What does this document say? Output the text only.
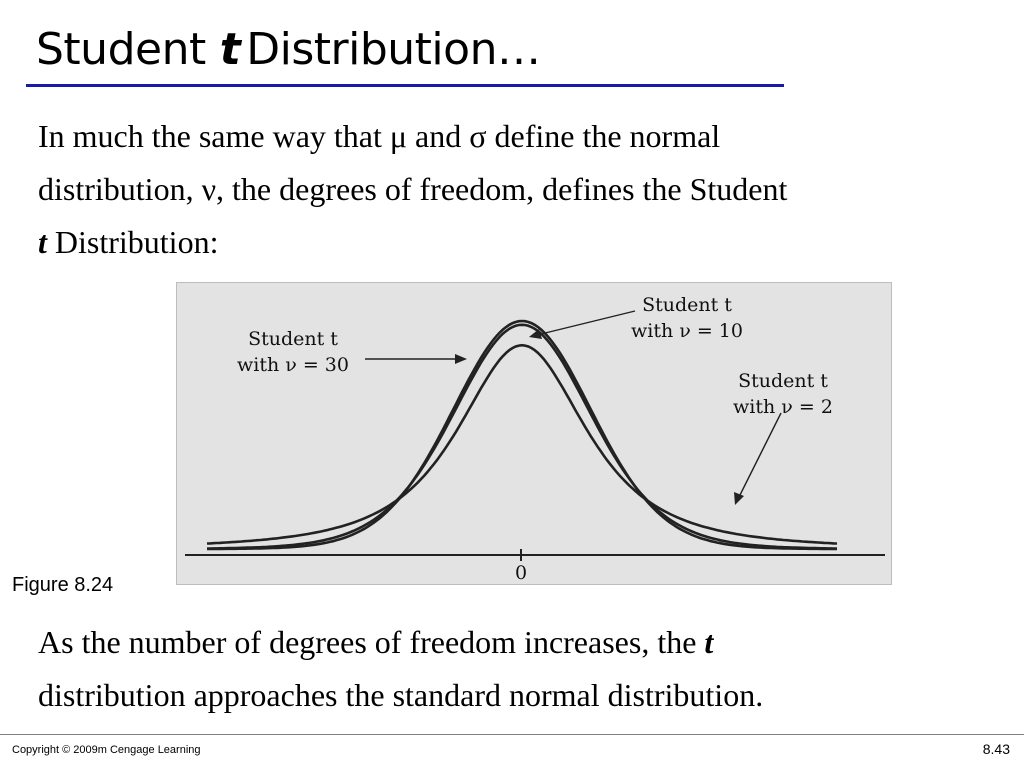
Student t Distribution…

In much the same way that μ and σ define the normal
distribution, ν, the degrees of freedom, defines the Student
t Distribution:

Student t
with ν = 30
Student t
with ν = 10
Student t
with ν = 2
0

Figure 8.24

As the number of degrees of freedom increases, the t
distribution approaches the standard normal distribution.

Copyright © 2009m Cengage Learning	8.43
